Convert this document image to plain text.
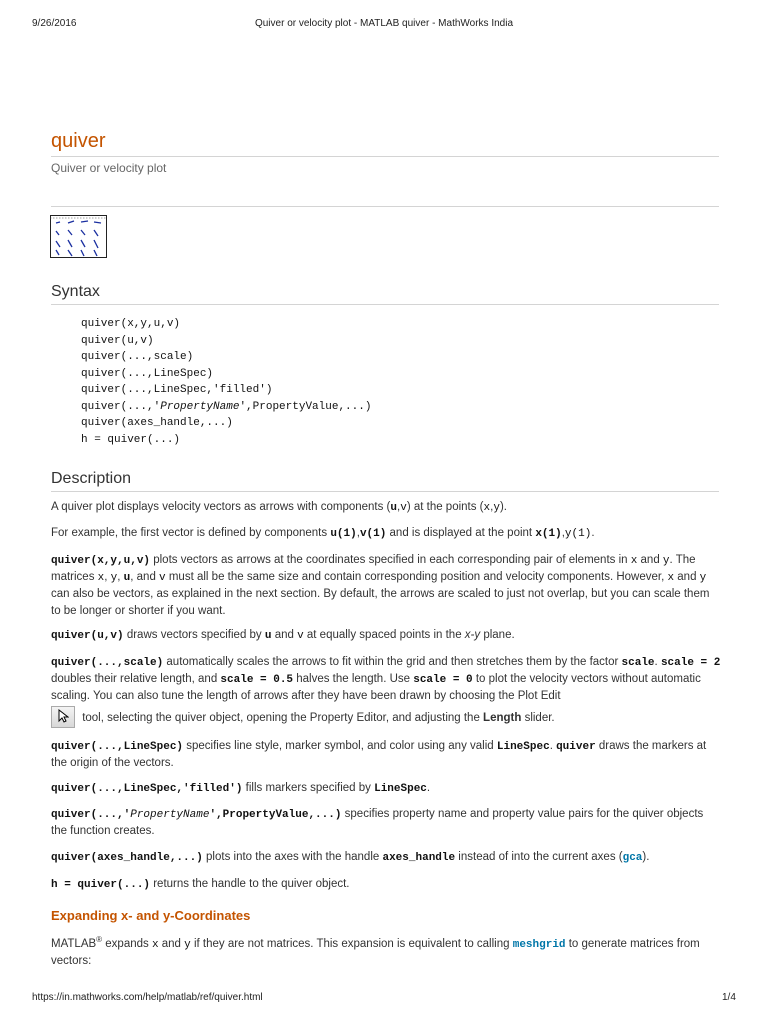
9/26/2016	Quiver or velocity plot - MATLAB quiver - MathWorks India
quiver
Quiver or velocity plot
Syntax
quiver(x,y,u,v)
quiver(u,v)
quiver(...,scale)
quiver(...,LineSpec)
quiver(...,LineSpec,'filled')
quiver(...,'PropertyName',PropertyValue,...)
quiver(axes_handle,...)
h = quiver(...)
Description

A quiver plot displays velocity vectors as arrows with components (u,v) at the points (x,y).

For example, the first vector is defined by components u(1),v(1) and is displayed at the point x(1),y(1).

quiver(x,y,u,v) plots vectors as arrows at the coordinates specified in each corresponding pair of elements in x and y. The matrices x, y, u, and v must all be the same size and contain corresponding position and velocity components. However, x and y can also be vectors, as explained in the next section. By default, the arrows are scaled to just not overlap, but you can scale them to be longer or shorter if you want.

quiver(u,v) draws vectors specified by u and v at equally spaced points in the x-y plane.

quiver(...,scale) automatically scales the arrows to fit within the grid and then stretches them by the factor scale. scale = 2 doubles their relative length, and scale = 0.5 halves the length. Use scale = 0 to plot the velocity vectors without automatic scaling. You can also tune the length of arrows after they have been drawn by choosing the Plot Edit

tool, selecting the quiver object, opening the Property Editor, and adjusting the Length slider.

quiver(...,LineSpec) specifies line style, marker symbol, and color using any valid LineSpec. quiver draws the markers at the origin of the vectors.

quiver(...,LineSpec,'filled') fills markers specified by LineSpec.

quiver(...,'PropertyName',PropertyValue,...) specifies property name and property value pairs for the quiver objects the function creates.

quiver(axes_handle,...) plots into the axes with the handle axes_handle instead of into the current axes (gca).

h = quiver(...) returns the handle to the quiver object.

Expanding x- and y-Coordinates

MATLAB® expands x and y if they are not matrices. This expansion is equivalent to calling meshgrid to generate matrices from vectors:

https://in.mathworks.com/help/matlab/ref/quiver.html	1/4
